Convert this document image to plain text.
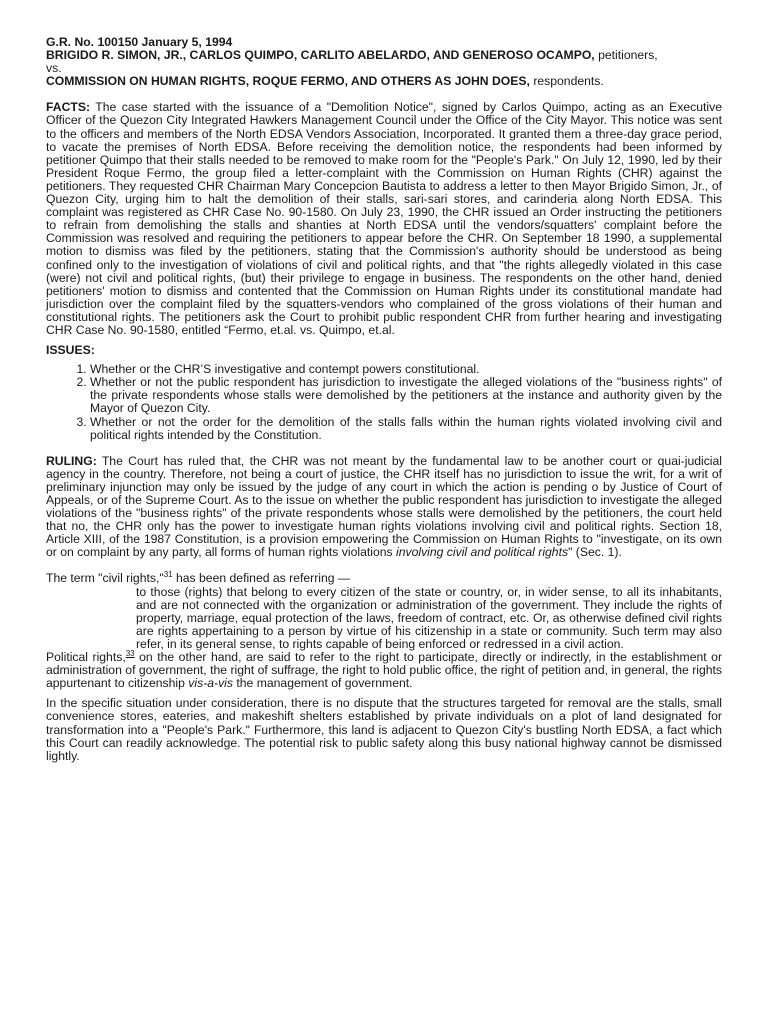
G.R. No. 100150 January 5, 1994

BRIGIDO R. SIMON, JR., CARLOS QUIMPO, CARLITO ABELARDO, AND GENEROSO OCAMPO, petitioners,

vs.

COMMISSION ON HUMAN RIGHTS, ROQUE FERMO, AND OTHERS AS JOHN DOES, respondents.

FACTS: The case started with the issuance of a "Demolition Notice", signed by Carlos Quimpo, acting as an Executive Officer of the Quezon City Integrated Hawkers Management Council under the Office of the City Mayor. This notice was sent to the officers and members of the North EDSA Vendors Association, Incorporated. It granted them a three-day grace period, to vacate the premises of North EDSA. Before receiving the demolition notice, the respondents had been informed by petitioner Quimpo that their stalls needed to be removed to make room for the "People's Park." On July 12, 1990, led by their President Roque Fermo, the group filed a letter-complaint with the Commission on Human Rights (CHR) against the petitioners. They requested CHR Chairman Mary Concepcion Bautista to address a letter to then Mayor Brigido Simon, Jr., of Quezon City, urging him to halt the demolition of their stalls, sari-sari stores, and carinderia along North EDSA. This complaint was registered as CHR Case No. 90-1580. On July 23, 1990, the CHR issued an Order instructing the petitioners to refrain from demolishing the stalls and shanties at North EDSA until the vendors/squatters' complaint before the Commission was resolved and requiring the petitioners to appear before the CHR. On September 18 1990, a supplemental motion to dismiss was filed by the petitioners, stating that the Commission's authority should be understood as being confined only to the investigation of violations of civil and political rights, and that "the rights allegedly violated in this case (were) not civil and political rights, (but) their privilege to engage in business. The respondents on the other hand, denied petitioners' motion to dismiss and contented that the Commission on Human Rights under its constitutional mandate had jurisdiction over the complaint filed by the squatters-vendors who complained of the gross violations of their human and constitutional rights. The petitioners ask the Court to prohibit public respondent CHR from further hearing and investigating CHR Case No. 90-1580, entitled “Fermo, et.al. vs. Quimpo, et.al.

ISSUES:

1. Whether or the CHR’S investigative and contempt powers constitutional.
2. Whether or not the public respondent has jurisdiction to investigate the alleged violations of the "business rights" of the private respondents whose stalls were demolished by the petitioners at the instance and authority given by the Mayor of Quezon City.
3. Whether or not the order for the demolition of the stalls falls within the human rights violated involving civil and political rights intended by the Constitution.

RULING: The Court has ruled that, the CHR was not meant by the fundamental law to be another court or quai-judicial agency in the country. Therefore, not being a court of justice, the CHR itself has no jurisdiction to issue the writ, for a writ of preliminary injunction may only be issued by the judge of any court in which the action is pending o by Justice of Court of Appeals, or of the Supreme Court. As to the issue on whether the public respondent has jurisdiction to investigate the alleged violations of the "business rights" of the private respondents whose stalls were demolished by the petitioners, the court held that no, the CHR only has the power to investigate human rights violations involving civil and political rights. Section 18, Article XIII, of the 1987 Constitution, is a provision empowering the Commission on Human Rights to "investigate, on its own or on complaint by any party, all forms of human rights violations involving civil and political rights" (Sec. 1).

The term "civil rights,"$^{31}$ has been defined as referring —

to those (rights) that belong to every citizen of the state or country, or, in wider sense, to all its inhabitants, and are not connected with the organization or administration of the government. They include the rights of property, marriage, equal protection of the laws, freedom of contract, etc. Or, as otherwise defined civil rights are rights appertaining to a person by virtue of his citizenship in a state or community. Such term may also refer, in its general sense, to rights capable of being enforced or redressed in a civil action.

Political rights,$^{33}$ on the other hand, are said to refer to the right to participate, directly or indirectly, in the establishment or administration of government, the right of suffrage, the right to hold public office, the right of petition and, in general, the rights appurtenant to citizenship vis-a-vis the management of government.

In the specific situation under consideration, there is no dispute that the structures targeted for removal are the stalls, small convenience stores, eateries, and makeshift shelters established by private individuals on a plot of land designated for transformation into a "People's Park." Furthermore, this land is adjacent to Quezon City's bustling North EDSA, a fact which this Court can readily acknowledge. The potential risk to public safety along this busy national highway cannot be dismissed lightly.
